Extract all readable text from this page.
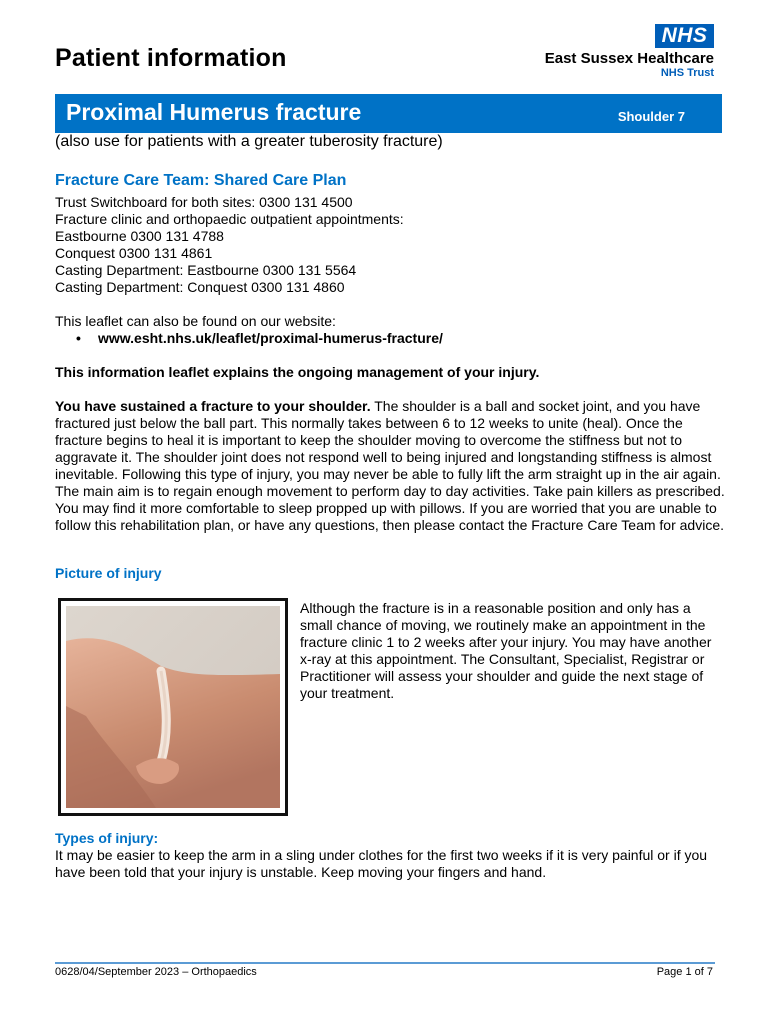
Patient information
NHS
East Sussex Healthcare
NHS Trust
Proximal Humerus fracture	Shoulder 7
(also use for patients with a greater tuberosity fracture)
Fracture Care Team: Shared Care Plan
Trust Switchboard for both sites: 0300 131 4500
Fracture clinic and orthopaedic outpatient appointments:
Eastbourne 0300 131 4788
Conquest 0300 131 4861
Casting Department: Eastbourne 0300 131 5564
Casting Department: Conquest 0300 131 4860
This leaflet can also be found on our website:
• www.esht.nhs.uk/leaflet/proximal-humerus-fracture/
This information leaflet explains the ongoing management of your injury.
You have sustained a fracture to your shoulder. The shoulder is a ball and socket joint, and you have fractured just below the ball part. This normally takes between 6 to 12 weeks to unite (heal). Once the fracture begins to heal it is important to keep the shoulder moving to overcome the stiffness but not to aggravate it. The shoulder joint does not respond well to being injured and longstanding stiffness is almost inevitable. Following this type of injury, you may never be able to fully lift the arm straight up in the air again. The main aim is to regain enough movement to perform day to day activities. Take pain killers as prescribed. You may find it more comfortable to sleep propped up with pillows. If you are worried that you are unable to follow this rehabilitation plan, or have any questions, then please contact the Fracture Care Team for advice.
Picture of injury
Although the fracture is in a reasonable position and only has a small chance of moving, we routinely make an appointment in the fracture clinic 1 to 2 weeks after your injury. You may have another x-ray at this appointment. The Consultant, Specialist, Registrar or Practitioner will assess your shoulder and guide the next stage of your treatment.
Types of injury:
It may be easier to keep the arm in a sling under clothes for the first two weeks if it is very painful or if you have been told that your injury is unstable. Keep moving your fingers and hand.
0628/04/September 2023 – Orthopaedics	Page 1 of 7
